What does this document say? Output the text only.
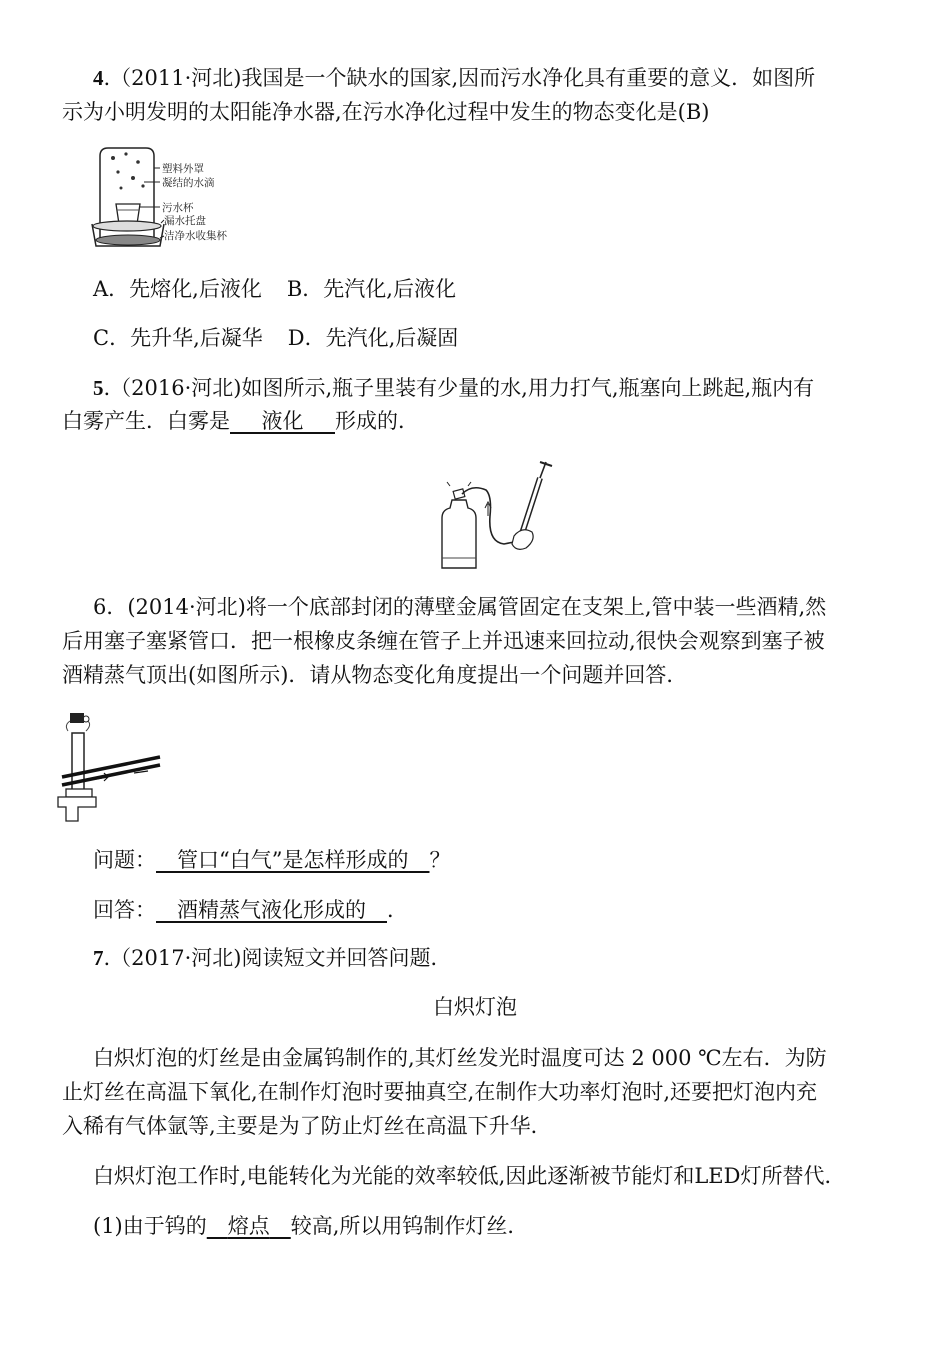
4.（2011·河北)我国是一个缺水的国家,因而污水净化具有重要的意义．如图所
示为小明发明的太阳能净水器,在污水净化过程中发生的物态变化是(B)
塑料外罩
凝结的水滴
污水杯
漏水托盘
洁净水收集杯
A．先熔化,后液化 B．先汽化,后液化
C．先升华,后凝华 D．先汽化,后凝固
5.（2016·河北)如图所示,瓶子里装有少量的水,用力打气,瓶塞向上跳起,瓶内有
白雾产生．白雾是　  液化 　 形成的．
6．(2014·河北)将一个底部封闭的薄壁金属管固定在支架上,管中装一些酒精,然
后用塞子塞紧管口．把一根橡皮条缠在管子上并迅速来回拉动,很快会观察到塞子被
酒精蒸气顶出(如图所示)．请从物态变化角度提出一个问题并回答．
问题：   管口“白气”是怎样形成的   ？
回答：   酒精蒸气液化形成的   ．
7.（2017·河北)阅读短文并回答问题．
白炽灯泡
白炽灯泡的灯丝是由金属钨制作的,其灯丝发光时温度可达 2 000 ℃左右．为防
止灯丝在高温下氧化,在制作灯泡时要抽真空,在制作大功率灯泡时,还要把灯泡内充
入稀有气体氩等,主要是为了防止灯丝在高温下升华．
白炽灯泡工作时,电能转化为光能的效率较低,因此逐渐被节能灯和LED灯所替代．
(1)由于钨的   熔点   较高,所以用钨制作灯丝．
